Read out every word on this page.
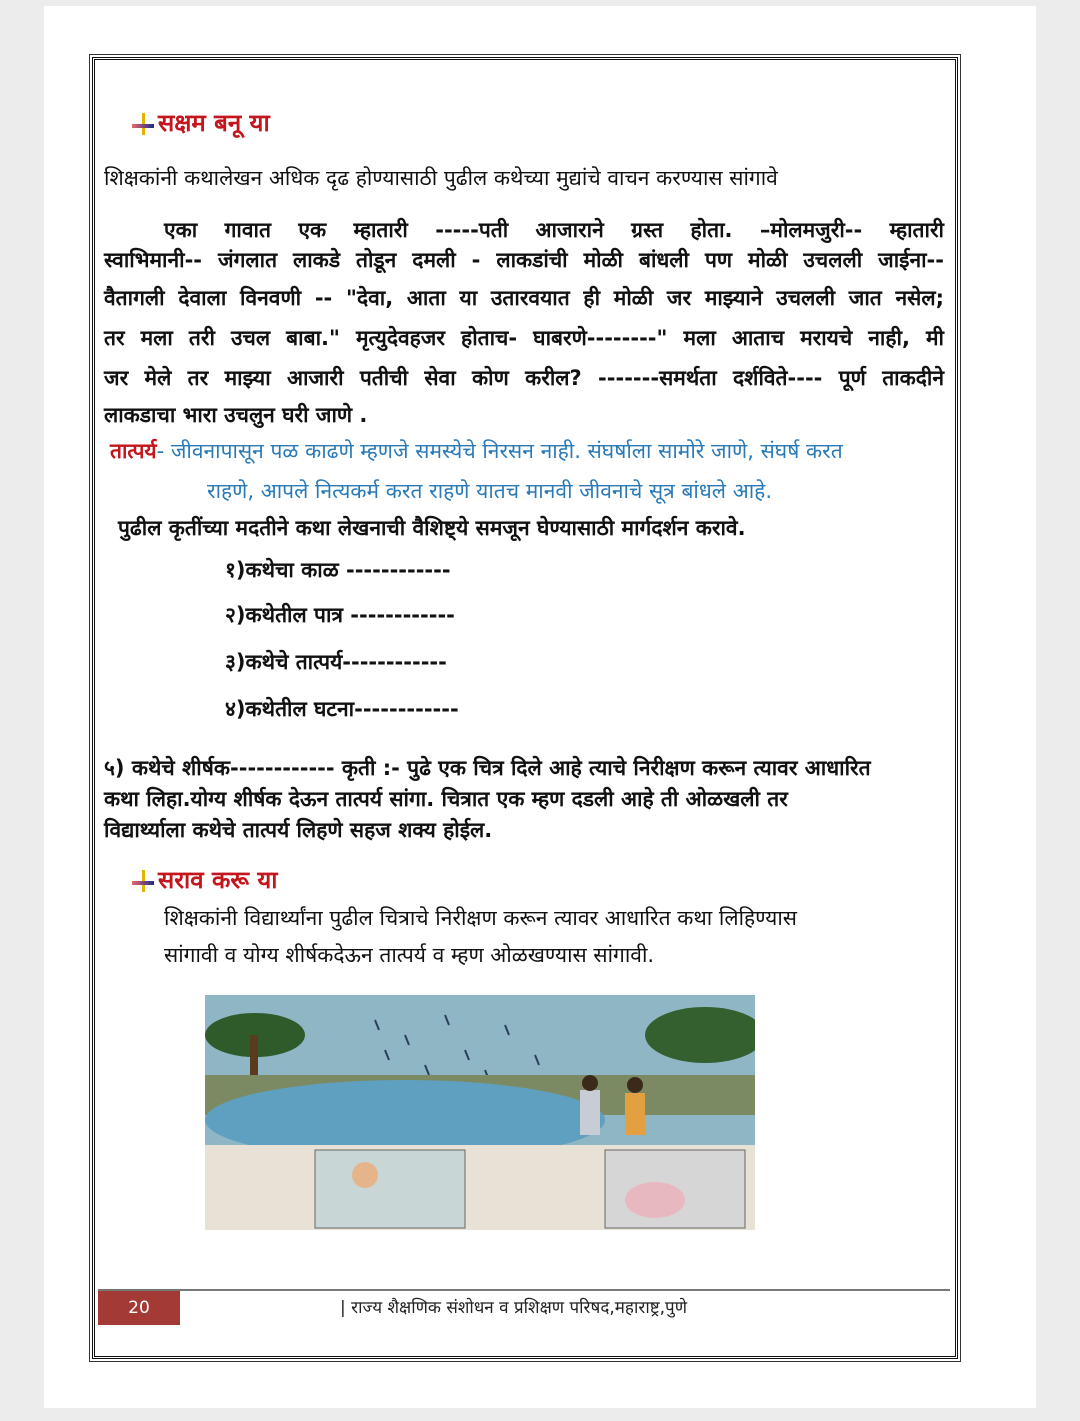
सक्षम बनू या
शिक्षकांनी कथालेखन अधिक दृढ होण्यासाठी पुढील कथेच्या मुद्यांचे वाचन करण्यास सांगावे
एका गावात एक म्हातारी -----पती आजाराने ग्रस्त होता. –मोलमजुरी-- म्हातारी
स्वाभिमानी-- जंगलात लाकडे तोडून दमली - लाकडांची मोळी बांधली पण मोळी उचलली जाईना--
वैतागली देवाला विनवणी -- "देवा, आता या उतारवयात ही मोळी जर माझ्याने उचलली जात नसेल;
तर मला तरी उचल बाबा." मृत्युदेवहजर होताच- घाबरणे--------" मला आताच मरायचे नाही, मी
जर मेले तर माझ्या आजारी पतीची सेवा कोण करील? -------समर्थता दर्शविते---- पूर्ण ताकदीने
लाकडाचा भारा उचलुन घरी जाणे .
तात्पर्य- जीवनापासून पळ काढणे म्हणजे समस्येचे निरसन नाही. संघर्षाला सामोरे जाणे, संघर्ष करत
राहणे, आपले नित्यकर्म करत राहणे यातच मानवी जीवनाचे सूत्र बांधले आहे.
पुढील कृतींच्या मदतीने कथा लेखनाची वैशिष्ट्ये समजून घेण्यासाठी मार्गदर्शन करावे.
१)कथेचा काळ ------------
२)कथेतील पात्र ------------
३)कथेचे तात्पर्य------------
४)कथेतील घटना------------
५) कथेचे शीर्षक------------ कृती :- पुढे एक चित्र दिले आहे त्याचे निरीक्षण करून त्यावर आधारित
कथा लिहा.योग्य शीर्षक देऊन तात्पर्य सांगा. चित्रात एक म्हण दडली आहे ती ओळखली तर
विद्यार्थ्याला कथेचे तात्पर्य लिहणे सहज शक्य होईल.
सराव करू या
शिक्षकांनी विद्यार्थ्यांना पुढील चित्राचे निरीक्षण करून त्यावर आधारित कथा लिहिण्यास
सांगावी व योग्य शीर्षकदेऊन तात्पर्य व म्हण ओळखण्यास सांगावी.
20	| राज्य शैक्षणिक संशोधन व प्रशिक्षण परिषद,महाराष्ट्र,पुणे
